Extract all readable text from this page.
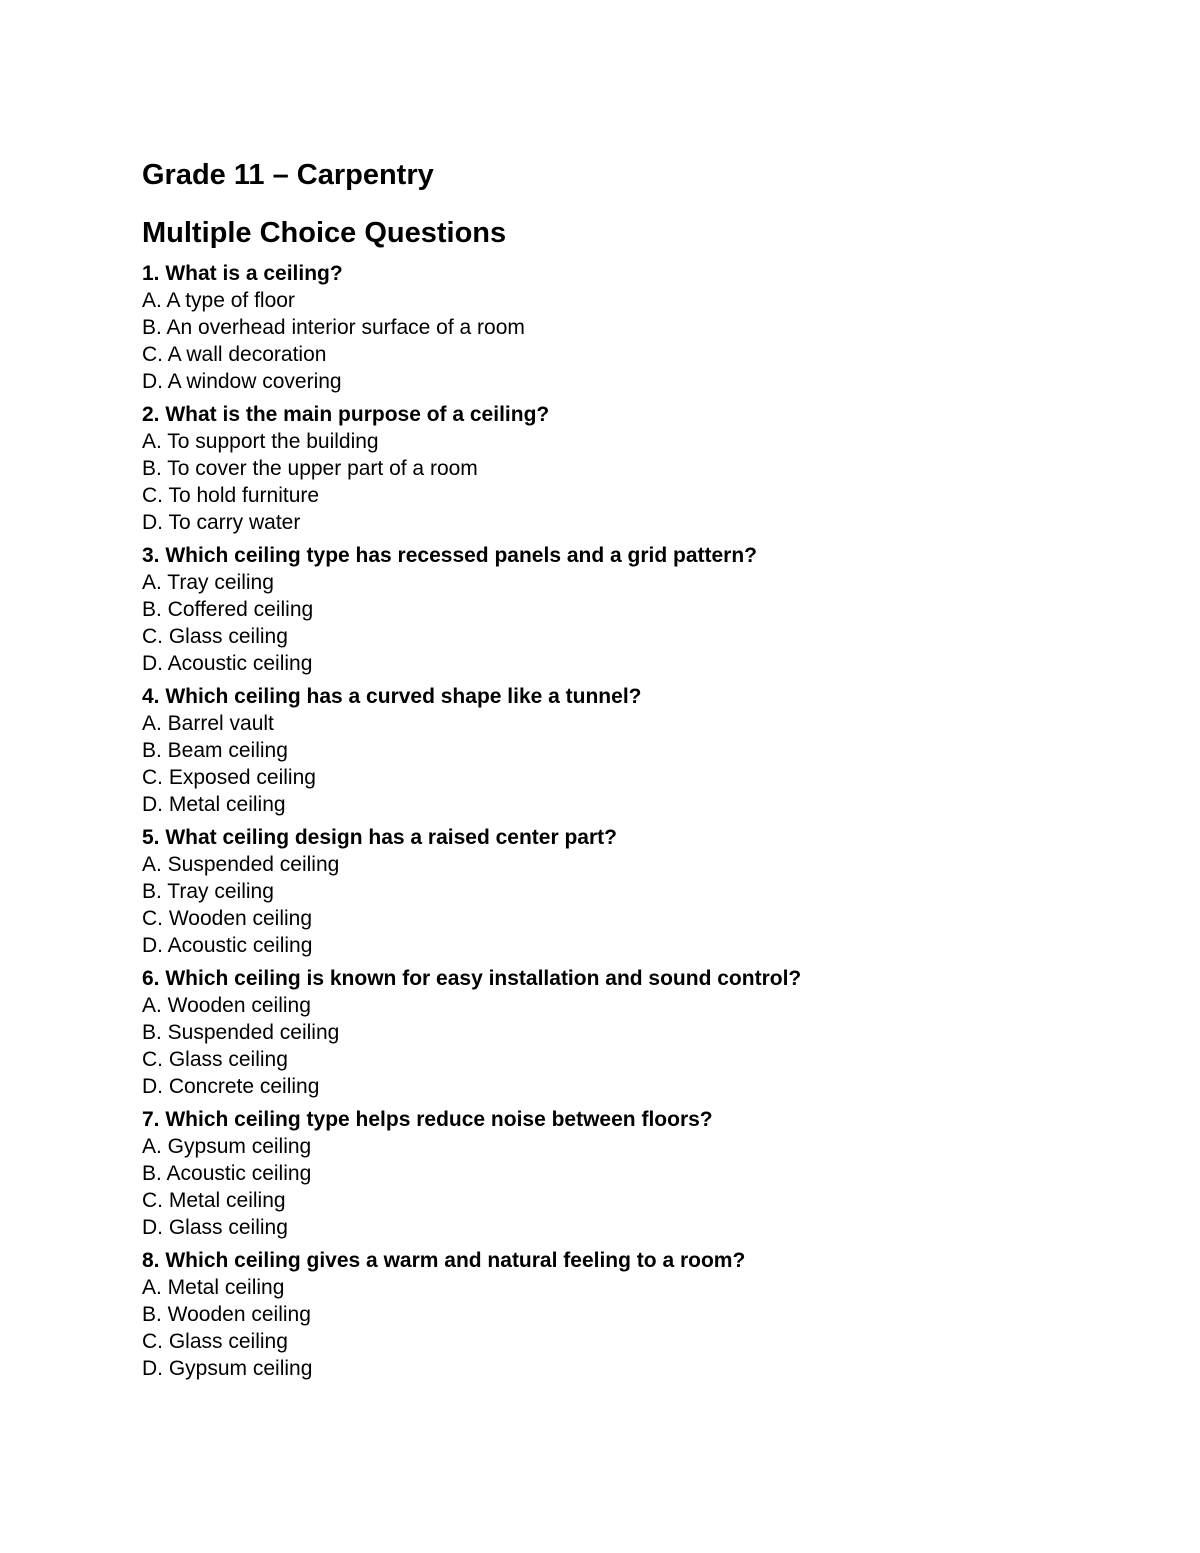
Grade 11 – Carpentry
Multiple Choice Questions
1. What is a ceiling?
A. A type of floor
B. An overhead interior surface of a room
C. A wall decoration
D. A window covering
2. What is the main purpose of a ceiling?
A. To support the building
B. To cover the upper part of a room
C. To hold furniture
D. To carry water
3. Which ceiling type has recessed panels and a grid pattern?
A. Tray ceiling
B. Coffered ceiling
C. Glass ceiling
D. Acoustic ceiling
4. Which ceiling has a curved shape like a tunnel?
A. Barrel vault
B. Beam ceiling
C. Exposed ceiling
D. Metal ceiling
5. What ceiling design has a raised center part?
A. Suspended ceiling
B. Tray ceiling
C. Wooden ceiling
D. Acoustic ceiling
6. Which ceiling is known for easy installation and sound control?
A. Wooden ceiling
B. Suspended ceiling
C. Glass ceiling
D. Concrete ceiling
7. Which ceiling type helps reduce noise between floors?
A. Gypsum ceiling
B. Acoustic ceiling
C. Metal ceiling
D. Glass ceiling
8. Which ceiling gives a warm and natural feeling to a room?
A. Metal ceiling
B. Wooden ceiling
C. Glass ceiling
D. Gypsum ceiling
